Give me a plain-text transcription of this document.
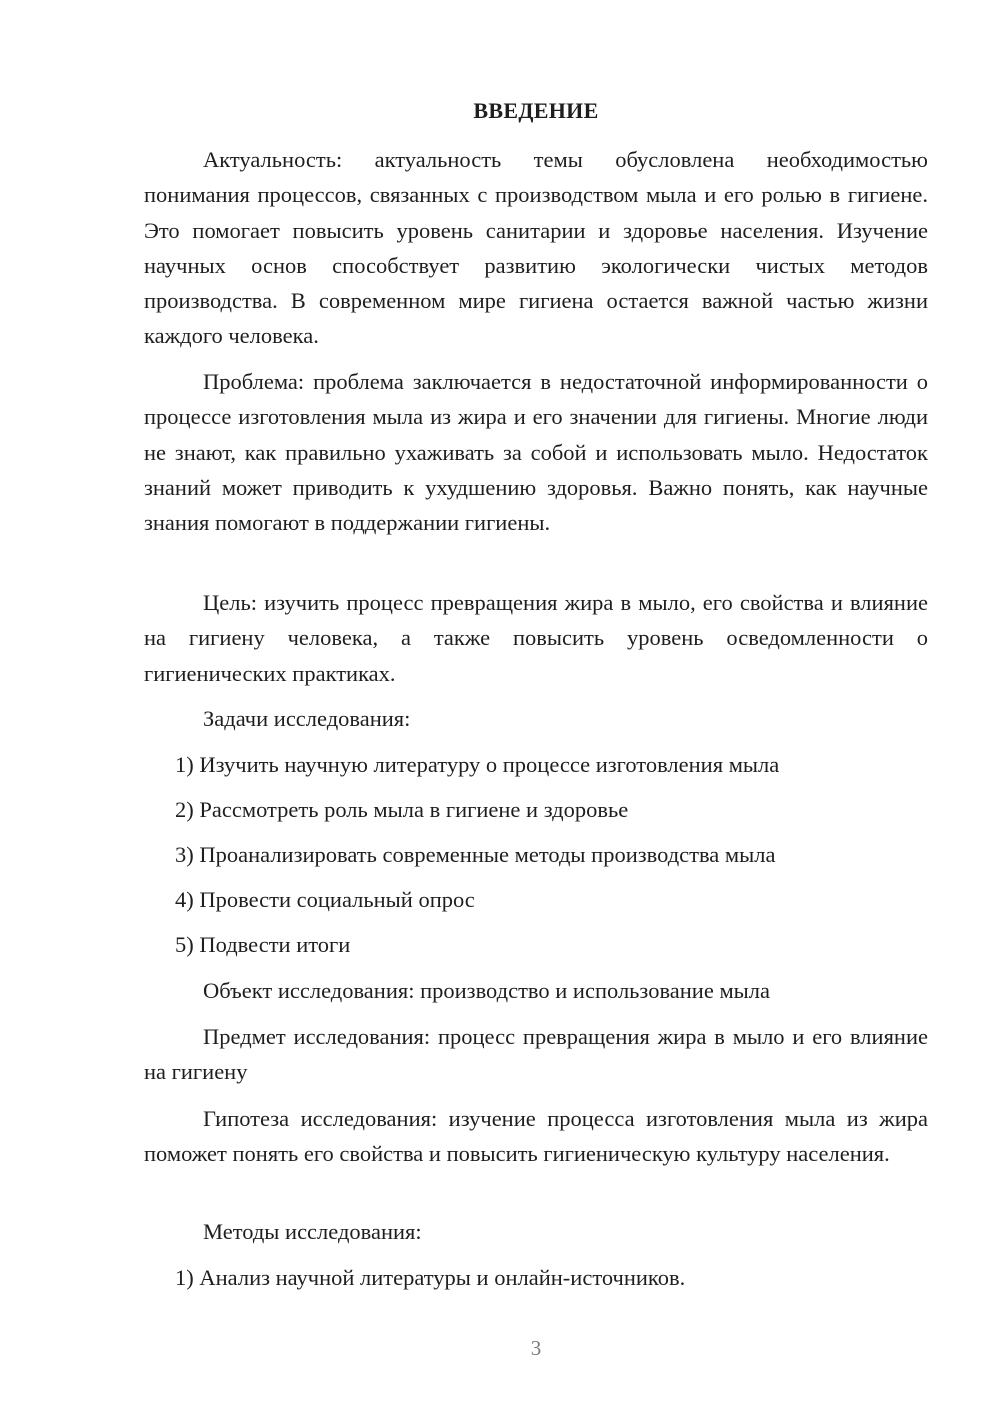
ВВЕДЕНИЕ
Актуальность: актуальность темы обусловлена необходимостью понимания процессов, связанных с производством мыла и его ролью в гигиене. Это помогает повысить уровень санитарии и здоровье населения. Изучение научных основ способствует развитию экологически чистых методов производства. В современном мире гигиена остается важной частью жизни каждого человека.
Проблема: проблема заключается в недостаточной информированности о процессе изготовления мыла из жира и его значении для гигиены. Многие люди не знают, как правильно ухаживать за собой и использовать мыло. Недостаток знаний может приводить к ухудшению здоровья. Важно понять, как научные знания помогают в поддержании гигиены.
Цель: изучить процесс превращения жира в мыло, его свойства и влияние на гигиену человека, а также повысить уровень осведомленности о гигиенических практиках.
Задачи исследования:
1) Изучить научную литературу о процессе изготовления мыла
2) Рассмотреть роль мыла в гигиене и здоровье
3) Проанализировать современные методы производства мыла
4) Провести социальный опрос
5) Подвести итоги
Объект исследования: производство и использование мыла
Предмет исследования: процесс превращения жира в мыло и его влияние на гигиену
Гипотеза исследования: изучение процесса изготовления мыла из жира поможет понять его свойства и повысить гигиеническую культуру населения.
Методы исследования:
1) Анализ научной литературы и онлайн-источников.
3
